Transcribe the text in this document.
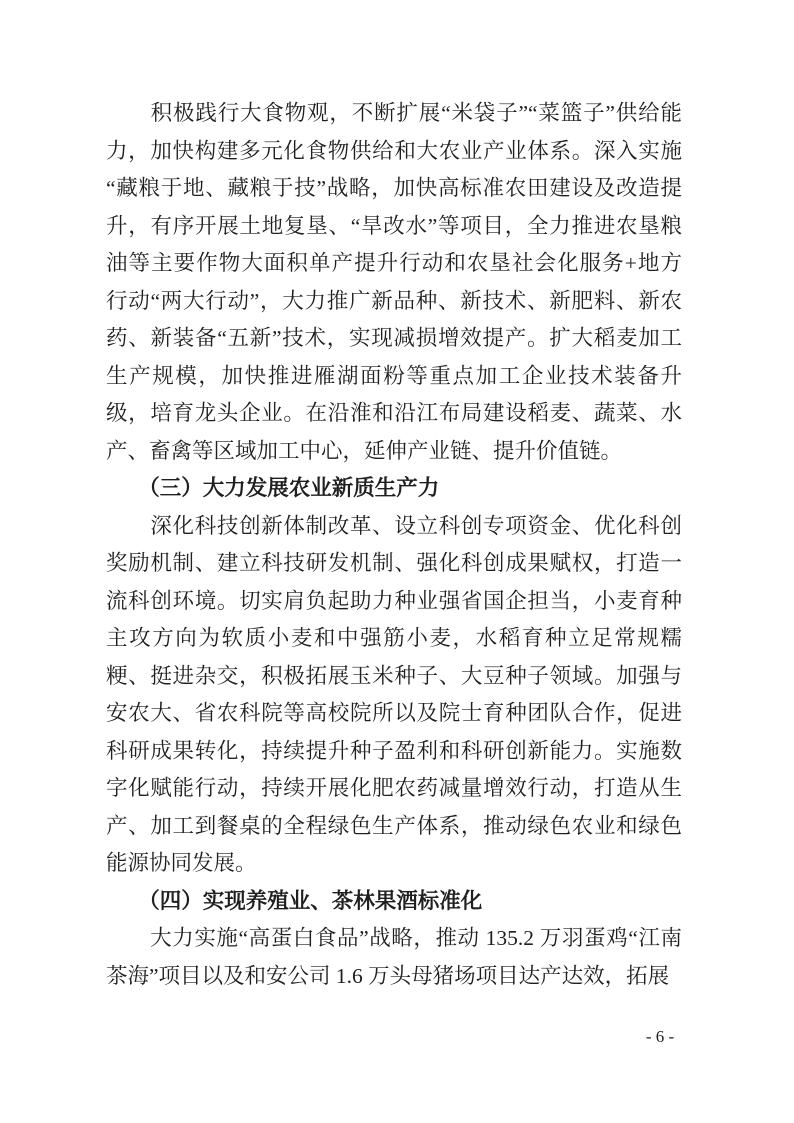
　　积极践行大食物观，不断扩展“米袋子”“菜篮子”供给能
力，加快构建多元化食物供给和大农业产业体系。深入实施
“藏粮于地、藏粮于技”战略，加快高标准农田建设及改造提
升，有序开展土地复垦、“旱改水”等项目，全力推进农垦粮
油等主要作物大面积单产提升行动和农垦社会化服务+地方
行动“两大行动”，大力推广新品种、新技术、新肥料、新农
药、新装备“五新”技术，实现减损增效提产。扩大稻麦加工
生产规模，加快推进雁湖面粉等重点加工企业技术装备升
级，培育龙头企业。在沿淮和沿江布局建设稻麦、蔬菜、水
产、畜禽等区域加工中心，延伸产业链、提升价值链。
　　（三）大力发展农业新质生产力
　　深化科技创新体制改革、设立科创专项资金、优化科创
奖励机制、建立科技研发机制、强化科创成果赋权，打造一
流科创环境。切实肩负起助力种业强省国企担当，小麦育种
主攻方向为软质小麦和中强筋小麦，水稻育种立足常规糯
粳、挺进杂交，积极拓展玉米种子、大豆种子领域。加强与
安农大、省农科院等高校院所以及院士育种团队合作，促进
科研成果转化，持续提升种子盈利和科研创新能力。实施数
字化赋能行动，持续开展化肥农药减量增效行动，打造从生
产、加工到餐桌的全程绿色生产体系，推动绿色农业和绿色
能源协同发展。
　　（四）实现养殖业、茶林果酒标准化
　　大力实施“高蛋白食品”战略，推动 135.2 万羽蛋鸡“江南
茶海”项目以及和安公司 1.6 万头母猪场项目达产达效，拓展
- 6 -
